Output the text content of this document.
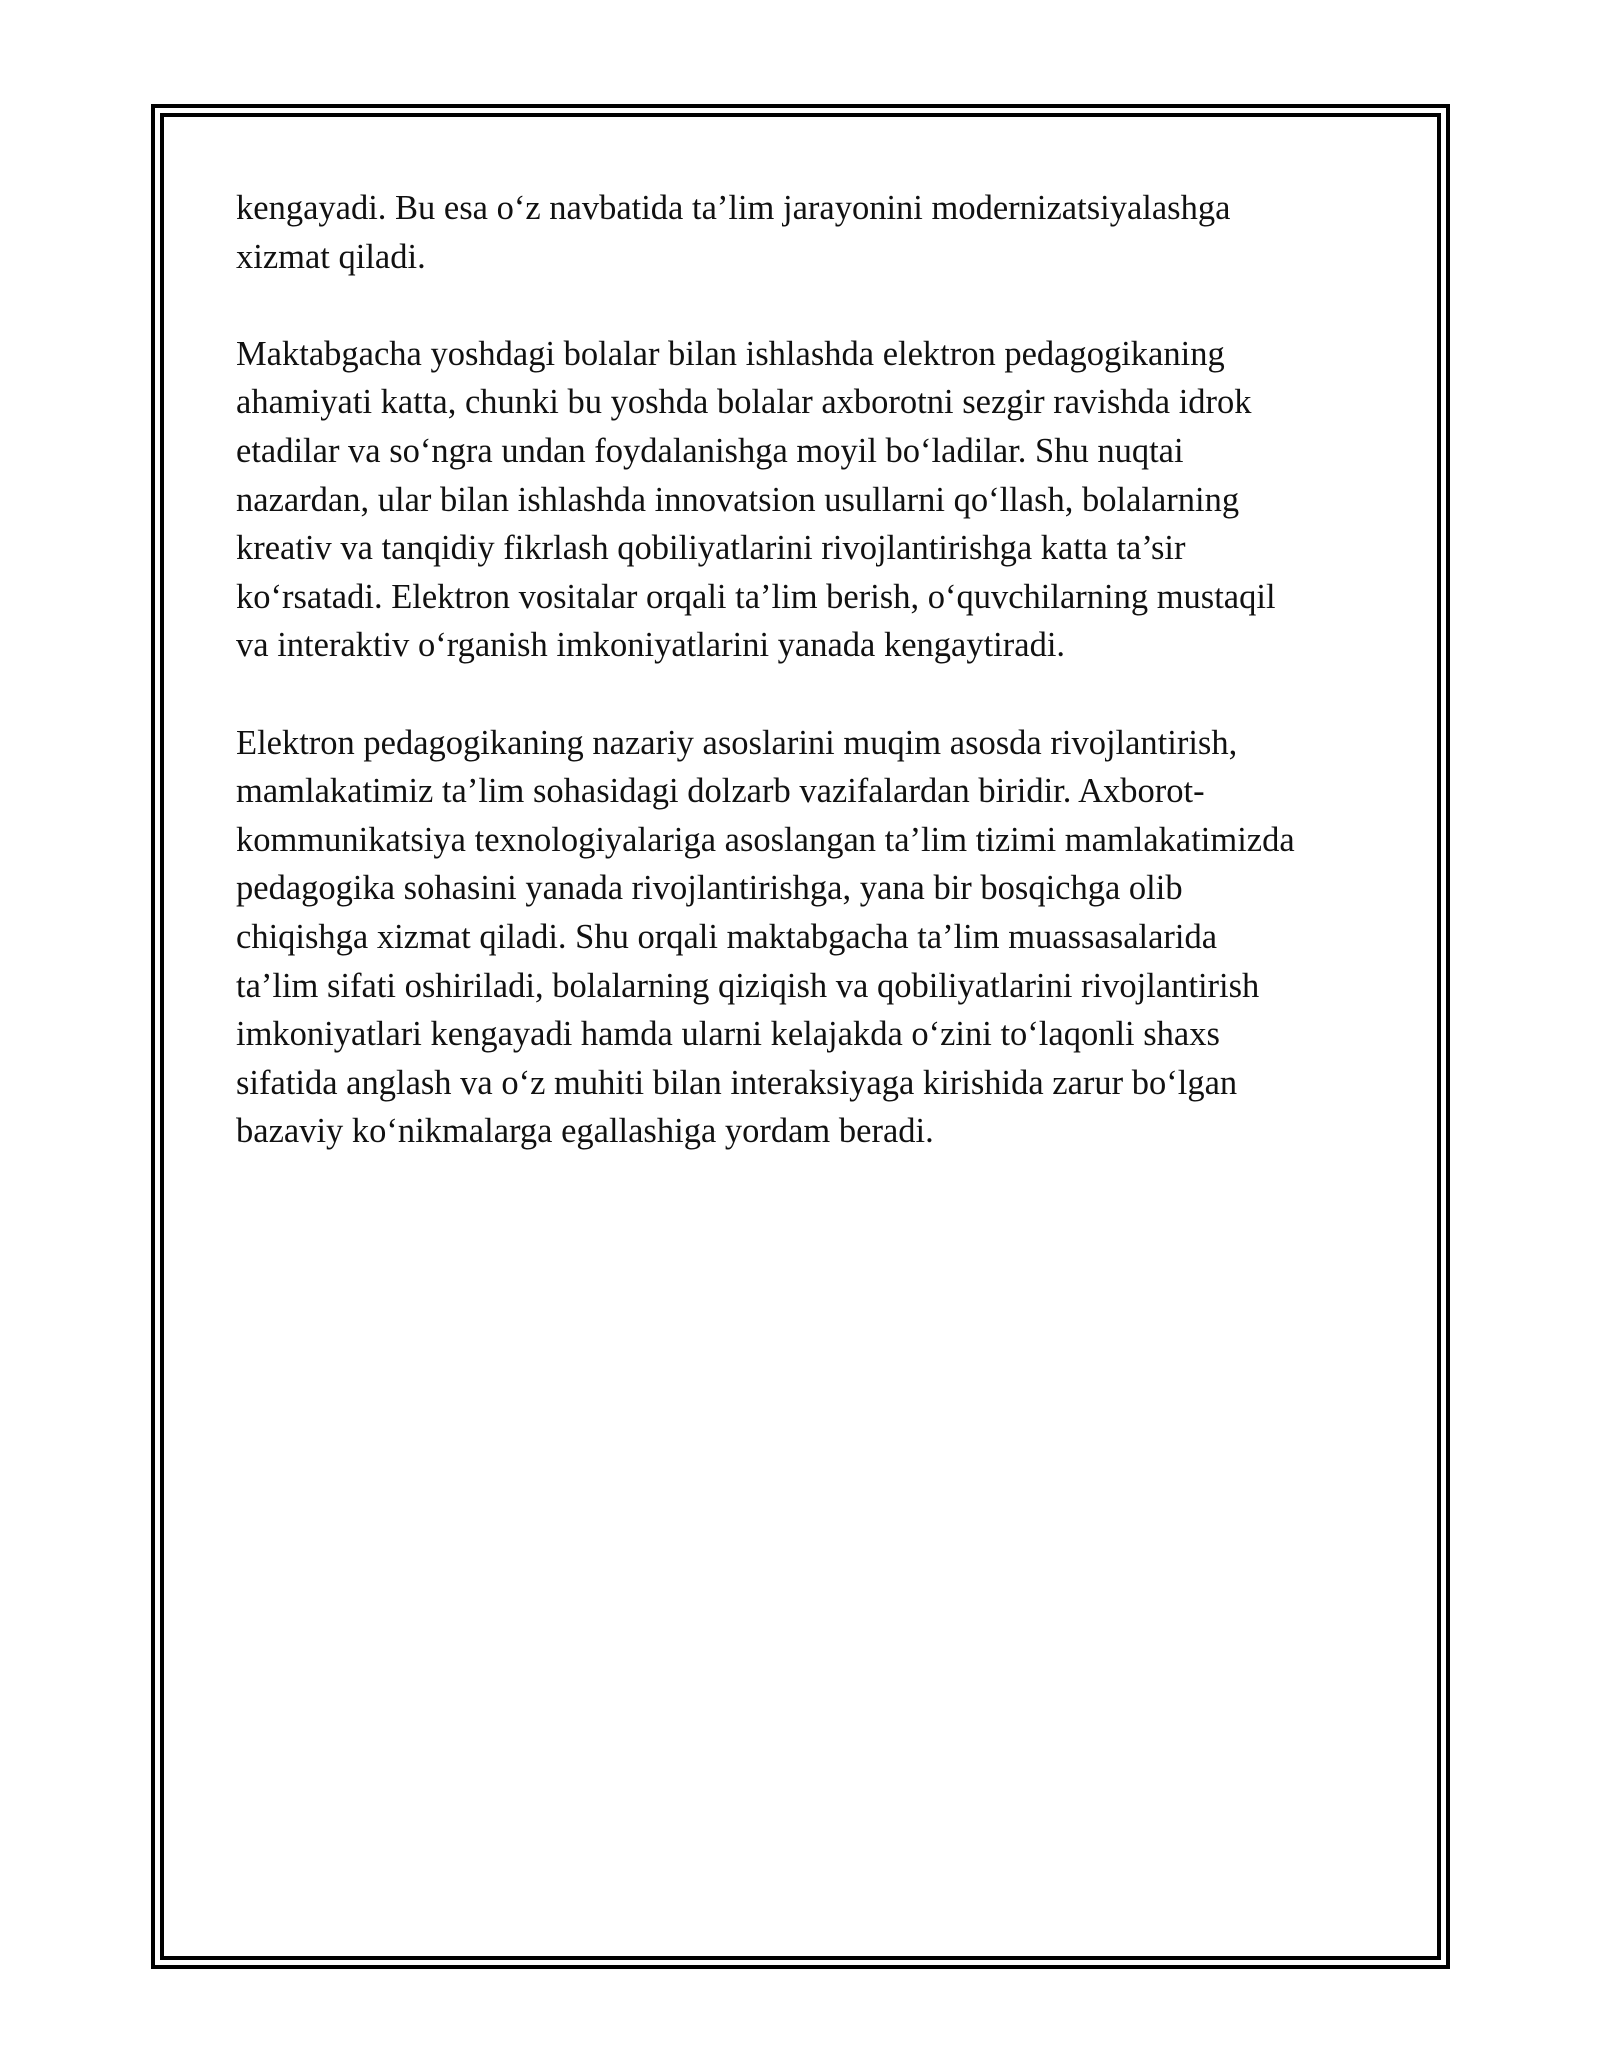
kengayadi. Bu esa o‘z navbatida ta’lim jarayonini modernizatsiyalashga
xizmat qiladi.

Maktabgacha yoshdagi bolalar bilan ishlashda elektron pedagogikaning
ahamiyati katta, chunki bu yoshda bolalar axborotni sezgir ravishda idrok
etadilar va so‘ngra undan foydalanishga moyil bo‘ladilar. Shu nuqtai
nazardan, ular bilan ishlashda innovatsion usullarni qo‘llash, bolalarning
kreativ va tanqidiy fikrlash qobiliyatlarini rivojlantirishga katta ta’sir
ko‘rsatadi. Elektron vositalar orqali ta’lim berish, o‘quvchilarning mustaqil
va interaktiv o‘rganish imkoniyatlarini yanada kengaytiradi.

Elektron pedagogikaning nazariy asoslarini muqim asosda rivojlantirish,
mamlakatimiz ta’lim sohasidagi dolzarb vazifalardan biridir. Axborot-
kommunikatsiya texnologiyalariga asoslangan ta’lim tizimi mamlakatimizda
pedagogika sohasini yanada rivojlantirishga, yana bir bosqichga olib
chiqishga xizmat qiladi. Shu orqali maktabgacha ta’lim muassasalarida
ta’lim sifati oshiriladi, bolalarning qiziqish va qobiliyatlarini rivojlantirish
imkoniyatlari kengayadi hamda ularni kelajakda o‘zini to‘laqonli shaxs
sifatida anglash va o‘z muhiti bilan interaksiyaga kirishida zarur bo‘lgan
bazaviy ko‘nikmalarga egallashiga yordam beradi.
